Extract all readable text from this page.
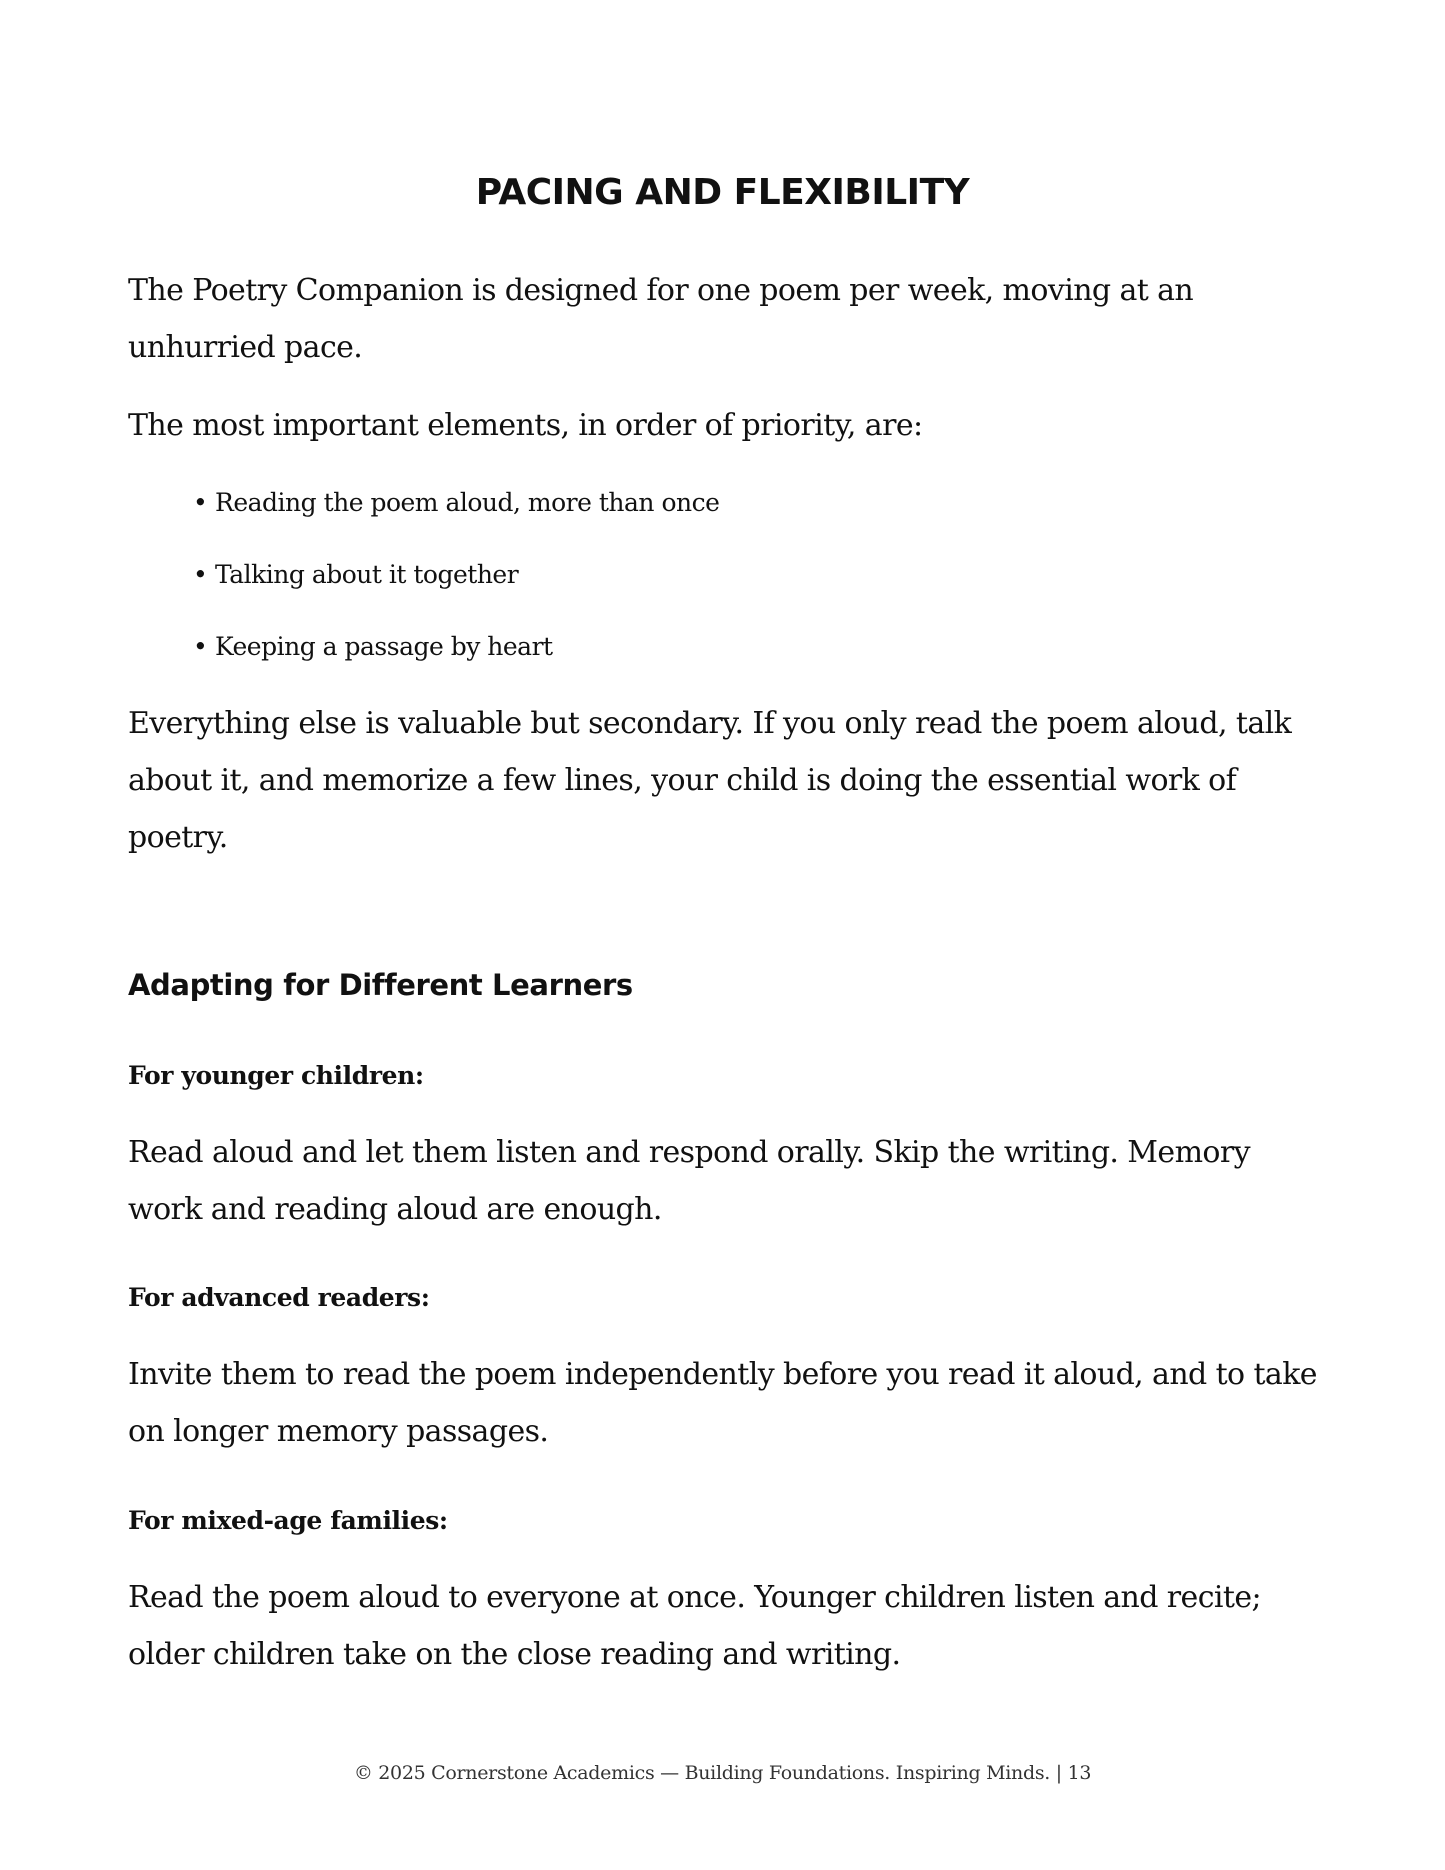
PACING AND FLEXIBILITY

The Poetry Companion is designed for one poem per week, moving at an unhurried pace.

The most important elements, in order of priority, are:

• Reading the poem aloud, more than once
• Talking about it together
• Keeping a passage by heart

Everything else is valuable but secondary. If you only read the poem aloud, talk about it, and memorize a few lines, your child is doing the essential work of poetry.

Adapting for Different Learners
For younger children:

Read aloud and let them listen and respond orally. Skip the writing. Memory work and reading aloud are enough.

For advanced readers:

Invite them to read the poem independently before you read it aloud, and to take on longer memory passages.

For mixed-age families:

Read the poem aloud to everyone at once. Younger children listen and recite; older children take on the close reading and writing.

© 2025 Cornerstone Academics — Building Foundations. Inspiring Minds. | 13
